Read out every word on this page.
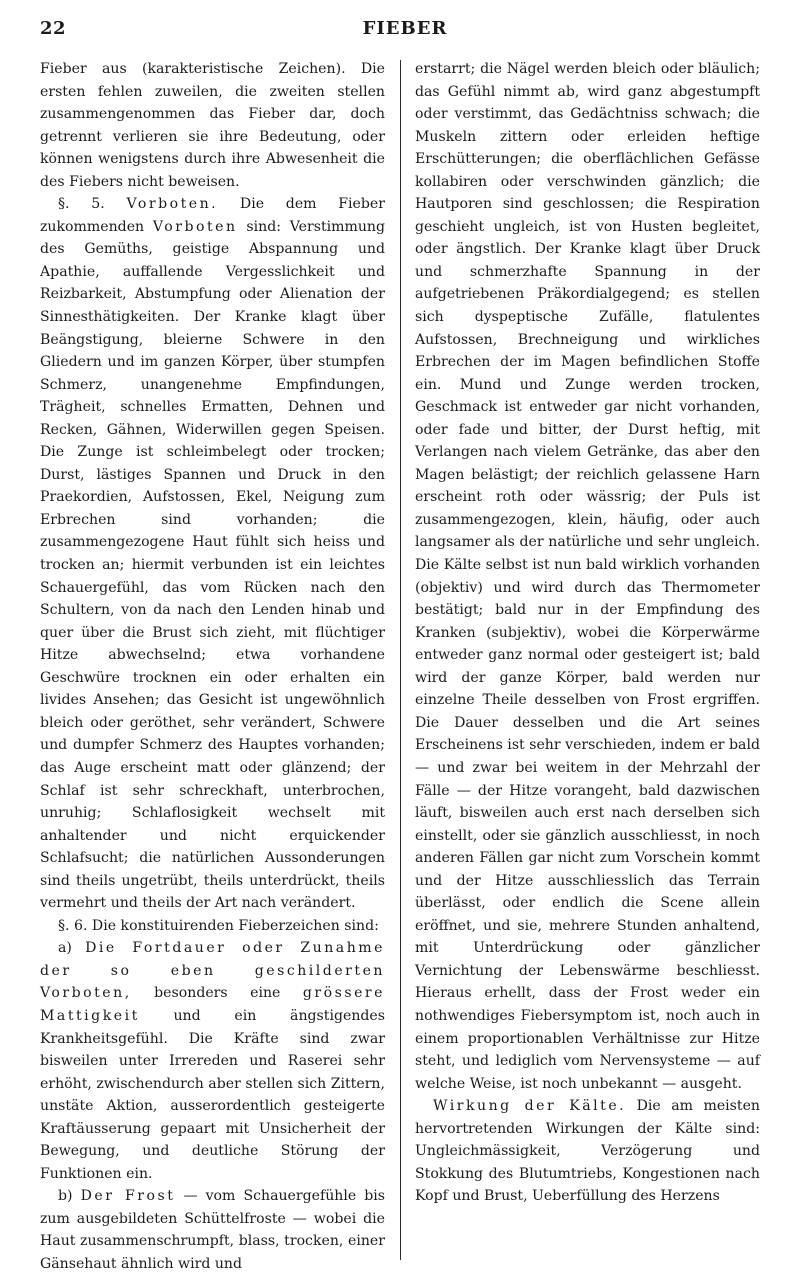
22	FIEBER

Fieber aus (karakteristische Zeichen). Die ersten fehlen zuweilen, die zweiten stellen zusammengenommen das Fieber dar, doch getrennt verlieren sie ihre Bedeutung, oder können wenigstens durch ihre Abwesenheit die des Fiebers nicht beweisen.

§. 5. Vorboten. Die dem Fieber zukommenden Vorboten sind: Verstimmung des Gemüths, geistige Abspannung und Apathie, auffallende Vergesslichkeit und Reizbarkeit, Abstumpfung oder Alienation der Sinnesthätigkeiten. Der Kranke klagt über Beängstigung, bleierne Schwere in den Gliedern und im ganzen Körper, über stumpfen Schmerz, unangenehme Empfindungen, Trägheit, schnelles Ermatten, Dehnen und Recken, Gähnen, Widerwillen gegen Speisen. Die Zunge ist schleimbelegt oder trocken; Durst, lästiges Spannen und Druck in den Praekordien, Aufstossen, Ekel, Neigung zum Erbrechen sind vorhanden; die zusammengezogene Haut fühlt sich heiss und trocken an; hiermit verbunden ist ein leichtes Schauergefühl, das vom Rücken nach den Schultern, von da nach den Lenden hinab und quer über die Brust sich zieht, mit flüchtiger Hitze abwechselnd; etwa vorhandene Geschwüre trocknen ein oder erhalten ein livides Ansehen; das Gesicht ist ungewöhnlich bleich oder geröthet, sehr verändert, Schwere und dumpfer Schmerz des Hauptes vorhanden; das Auge erscheint matt oder glänzend; der Schlaf ist sehr schreckhaft, unterbrochen, unruhig; Schlaflosigkeit wechselt mit anhaltender und nicht erquickender Schlafsucht; die natürlichen Aussonderungen sind theils ungetrübt, theils unterdrückt, theils vermehrt und theils der Art nach verändert.

§. 6. Die konstituirenden Fieberzeichen sind:

a) Die Fortdauer oder Zunahme der so eben geschilderten Vorboten, besonders eine grössere Mattigkeit und ein ängstigendes Krankheitsgefühl. Die Kräfte sind zwar bisweilen unter Irrereden und Raserei sehr erhöht, zwischendurch aber stellen sich Zittern, unstäte Aktion, ausserordentlich gesteigerte Kraftäusserung gepaart mit Unsicherheit der Bewegung, und deutliche Störung der Funktionen ein.

b) Der Frost — vom Schauergefühle bis zum ausgebildeten Schüttelfroste — wobei die Haut zusammenschrumpft, blass, trocken, einer Gänsehaut ähnlich wird und

erstarrt; die Nägel werden bleich oder bläulich; das Gefühl nimmt ab, wird ganz abgestumpft oder verstimmt, das Gedächtniss schwach; die Muskeln zittern oder erleiden heftige Erschütterungen; die oberflächlichen Gefässe kollabiren oder verschwinden gänzlich; die Hautporen sind geschlossen; die Respiration geschieht ungleich, ist von Husten begleitet, oder ängstlich. Der Kranke klagt über Druck und schmerzhafte Spannung in der aufgetriebenen Präkordialgegend; es stellen sich dyspeptische Zufälle, flatulentes Aufstossen, Brechneigung und wirkliches Erbrechen der im Magen befindlichen Stoffe ein. Mund und Zunge werden trocken, Geschmack ist entweder gar nicht vorhanden, oder fade und bitter, der Durst heftig, mit Verlangen nach vielem Getränke, das aber den Magen belästigt; der reichlich gelassene Harn erscheint roth oder wässrig; der Puls ist zusammengezogen, klein, häufig, oder auch langsamer als der natürliche und sehr ungleich. Die Kälte selbst ist nun bald wirklich vorhanden (objektiv) und wird durch das Thermometer bestätigt; bald nur in der Empfindung des Kranken (subjektiv), wobei die Körperwärme entweder ganz normal oder gesteigert ist; bald wird der ganze Körper, bald werden nur einzelne Theile desselben von Frost ergriffen. Die Dauer desselben und die Art seines Erscheinens ist sehr verschieden, indem er bald — und zwar bei weitem in der Mehrzahl der Fälle — der Hitze vorangeht, bald dazwischen läuft, bisweilen auch erst nach derselben sich einstellt, oder sie gänzlich ausschliesst, in noch anderen Fällen gar nicht zum Vorschein kommt und der Hitze ausschliesslich das Terrain überlässt, oder endlich die Scene allein eröffnet, und sie, mehrere Stunden anhaltend, mit Unterdrückung oder gänzlicher Vernichtung der Lebenswärme beschliesst. Hieraus erhellt, dass der Frost weder ein nothwendiges Fiebersymptom ist, noch auch in einem proportionablen Verhältnisse zur Hitze steht, und lediglich vom Nervensysteme — auf welche Weise, ist noch unbekannt — ausgeht.

Wirkung der Kälte. Die am meisten hervortretenden Wirkungen der Kälte sind: Ungleichmässigkeit, Verzögerung und Stokkung des Blutumtriebs, Kongestionen nach Kopf und Brust, Ueberfüllung des Herzens
